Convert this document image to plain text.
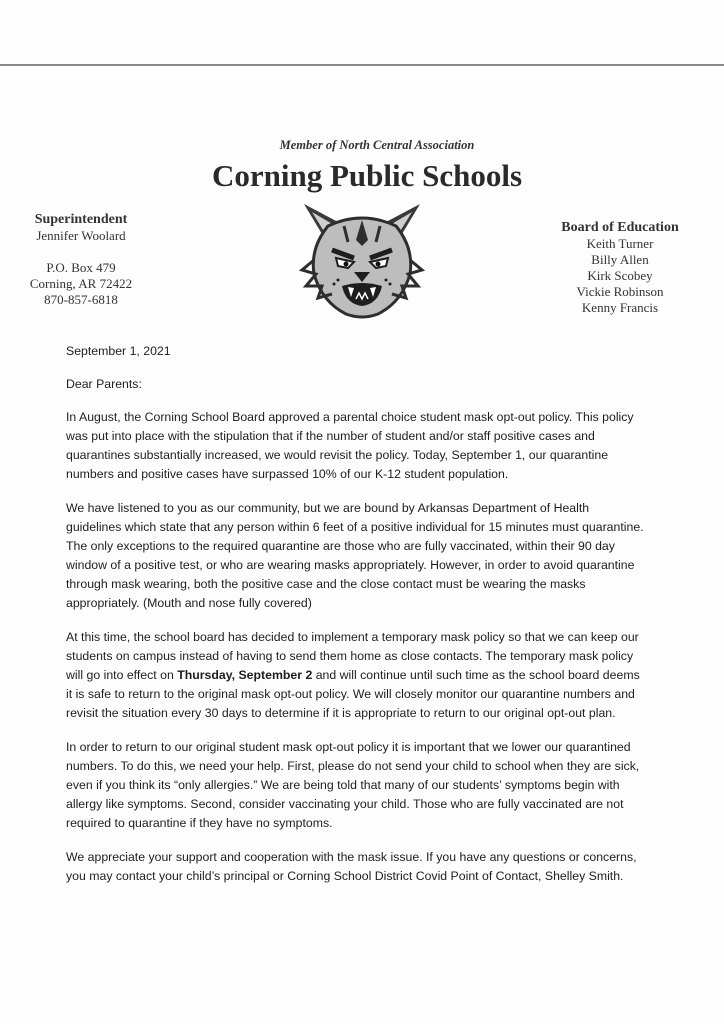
Member of North Central Association
Corning Public Schools
Superintendent
Jennifer Woolard
P.O. Box 479
Corning, AR 72422
870-857-6818
Board of Education
Keith Turner
Billy Allen
Kirk Scobey
Vickie Robinson
Kenny Francis

September 1, 2021

Dear Parents:

In August, the Corning School Board approved a parental choice student mask opt-out policy. This policy was put into place with the stipulation that if the number of student and/or staff positive cases and quarantines substantially increased, we would revisit the policy. Today, September 1, our quarantine numbers and positive cases have surpassed 10% of our K-12 student population.

We have listened to you as our community, but we are bound by Arkansas Department of Health guidelines which state that any person within 6 feet of a positive individual for 15 minutes must quarantine. The only exceptions to the required quarantine are those who are fully vaccinated, within their 90 day window of a positive test, or who are wearing masks appropriately. However, in order to avoid quarantine through mask wearing, both the positive case and the close contact must be wearing the masks appropriately. (Mouth and nose fully covered)

At this time, the school board has decided to implement a temporary mask policy so that we can keep our students on campus instead of having to send them home as close contacts. The temporary mask policy will go into effect on Thursday, September 2 and will continue until such time as the school board deems it is safe to return to the original mask opt-out policy. We will closely monitor our quarantine numbers and revisit the situation every 30 days to determine if it is appropriate to return to our original opt-out plan.

In order to return to our original student mask opt-out policy it is important that we lower our quarantined numbers. To do this, we need your help. First, please do not send your child to school when they are sick, even if you think its “only allergies.” We are being told that many of our students’ symptoms begin with allergy like symptoms. Second, consider vaccinating your child. Those who are fully vaccinated are not required to quarantine if they have no symptoms.

We appreciate your support and cooperation with the mask issue. If you have any questions or concerns, you may contact your child’s principal or Corning School District Covid Point of Contact, Shelley Smith.
